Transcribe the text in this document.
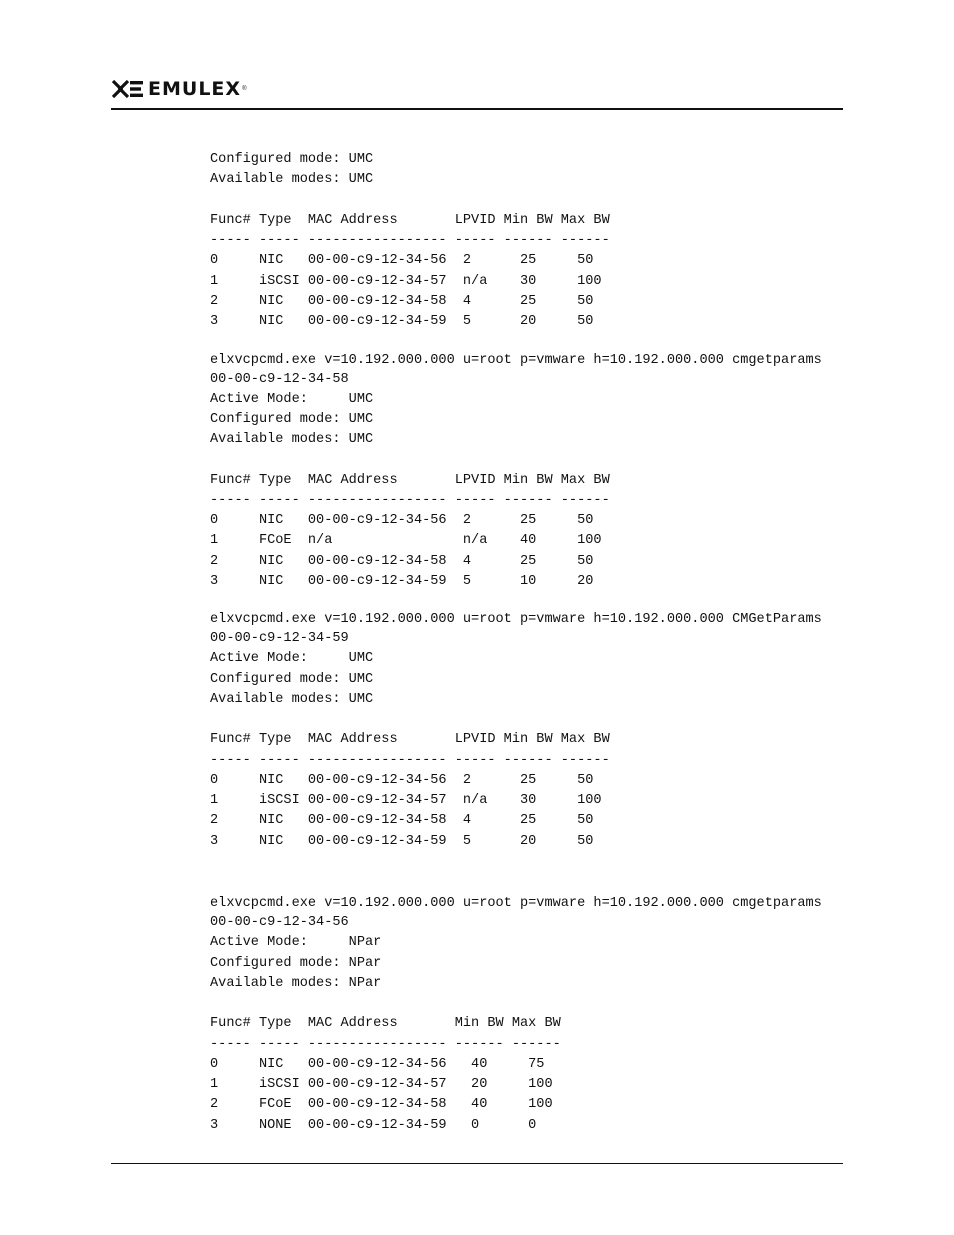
EMULEX ®
Configured mode: UMC
Available modes: UMC
Func# Type  MAC Address       LPVID Min BW Max BW
----- ----- ----------------- ----- ------ ------
0     NIC   00-00-c9-12-34-56  2      25     50
1     iSCSI 00-00-c9-12-34-57  n/a    30     100
2     NIC   00-00-c9-12-34-58  4      25     50
3     NIC   00-00-c9-12-34-59  5      20     50
elxvcpcmd.exe v=10.192.000.000 u=root p=vmware h=10.192.000.000 cmgetparams
00-00-c9-12-34-58
Active Mode:     UMC
Configured mode: UMC
Available modes: UMC
Func# Type  MAC Address       LPVID Min BW Max BW
----- ----- ----------------- ----- ------ ------
0     NIC   00-00-c9-12-34-56  2      25     50
1     FCoE  n/a                n/a    40     100
2     NIC   00-00-c9-12-34-58  4      25     50
3     NIC   00-00-c9-12-34-59  5      10     20
elxvcpcmd.exe v=10.192.000.000 u=root p=vmware h=10.192.000.000 CMGetParams
00-00-c9-12-34-59
Active Mode:     UMC
Configured mode: UMC
Available modes: UMC
Func# Type  MAC Address       LPVID Min BW Max BW
----- ----- ----------------- ----- ------ ------
0     NIC   00-00-c9-12-34-56  2      25     50
1     iSCSI 00-00-c9-12-34-57  n/a    30     100
2     NIC   00-00-c9-12-34-58  4      25     50
3     NIC   00-00-c9-12-34-59  5      20     50
elxvcpcmd.exe v=10.192.000.000 u=root p=vmware h=10.192.000.000 cmgetparams
00-00-c9-12-34-56
Active Mode:     NPar
Configured mode: NPar
Available modes: NPar
Func# Type  MAC Address       Min BW Max BW
----- ----- ----------------- ------ ------
0     NIC   00-00-c9-12-34-56   40     75
1     iSCSI 00-00-c9-12-34-57   20     100
2     FCoE  00-00-c9-12-34-58   40     100
3     NONE  00-00-c9-12-34-59   0      0
